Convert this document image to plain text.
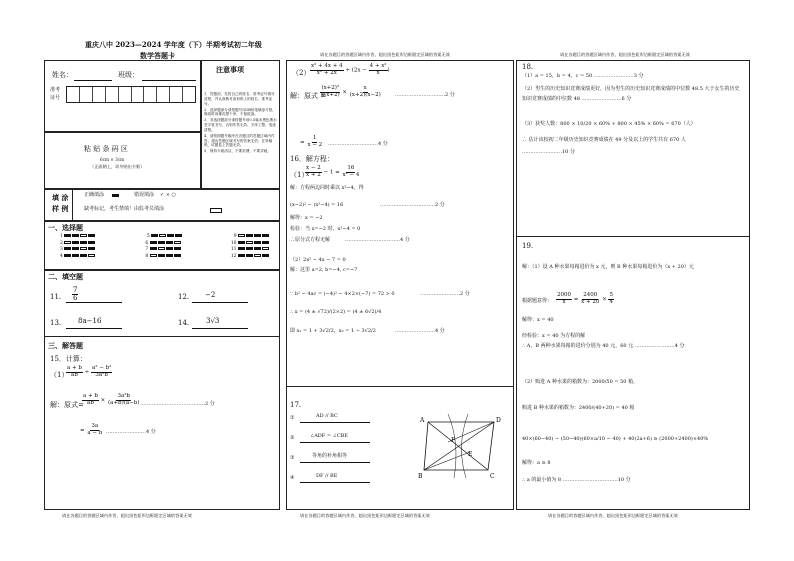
重庆八中 2023—2024 学年度（下）半期考试初二年级
数学答题卡	请在各题目的答题区域内作答，超出黑色矩形边框限定区域的答案无效	请在各题目的答题区域内作答，超出黑色矩形边框限定区域的答案无效
姓名：	班级：
准考
证号
注意事项
1．答题前，先将自己的姓名、准考证号填写清楚，并认真核对条形码上的姓名、准考证号。
2．选择题部分请按题号用2B铅笔填涂方框，修改时用橡皮擦干净，不留痕迹。
3．非选择题部分请按题号用0.5毫米黑色墨水签字笔书写，否则作答无效。字体工整，笔迹清楚。
4．请按照题号顺序在各题目的答题区域内作答，超出答题区域书写的答案无效；在草稿纸、试题卷上答题无效。
5．保持卡面清洁，不要折叠、不要弄破。
粘 贴 条 码 区
6cm × 3cm
（正面朝上，切勿贴出方框）
填 涂
样 例
正确填涂	错误填涂 ✓ × ○
缺考标记，考生禁填！由监考员填涂
一、选择题
1	5	9
2	6	10
3	7	11
4	8	12
二、填空题
11. $\frac{7}{6}$	12. −2
13. 8a−16	14. 3√3
三、解答题
15．计算：
（1）
$\frac{a + b}{ab} \div \frac{\text{a² − b²}}{\text{3a²b}}$
解：原式=
$\frac{a + b}{ab} \times \frac{\text{3a²b}}{(a+b)(a-b)}$ …………………………………2 分
= $\frac{3a}{a - b}$ ……………………4 分
请在各题目的答题区域内作答，超出黑色矩形边框限定区域的答案无效
$(2) \frac{\text{x² + 4x + 4}}{\text{x² + 2x}} \div (2x - \frac{\text{4 + x²}}{x}$ )
解：原式 =
$\frac{\text{(x+2)²}}{x(x+2)} \times \frac{x}{(x+2)(x-2)}$	…………………………2 分
= $\frac{1}{x - 2}$ …………………………4 分
16．解方程：
（1）
$\frac{x - 2}{x + 2} - 1 = \frac{16}{\text{x² − 4}}$
解：方程两边同时乘以 x²−4，得
(x−2)² − (x²−4) = 16	……………………………2 分
解得：x = −2
检验：当 x=−2 时，x²−4 = 0
∴原分式方程无解	……………………………4 分
（2）2x² − 4x − 7 = 0
解：这里 a=2, b=−4, c=−7
∵ b² − 4ac = (−4)² − 4×2×(−7) = 72 > 0	……………………2 分
∴ x = (4 ± √72)/(2×2) = (4 ± 6√2)/4
即 x₁ = 1 + 3√2/2，x₂ = 1 − 3√2/2	……………………4 分
17.
①	AD // BC
②	∠ADF = ∠CBE
③	等角的补角相等
④	DF // BE
A	D
F
E
B	C
请在各题目的答题区域内作答，超出黑色矩形边框限定区域的答案无效
18.
（1）a = 15，b = 4，c = 50 ……………………3 分
（2）男生的历史知识竞赛成绩更好，因为男生的历史知识竞赛成绩的中位数 48.5 大于女生的历史知识竞赛成绩的中位数 48 ……………………6 分
（3）获奖人数：800 × 10/20 × 60% + 800 × 45% × 60% = 670（人）
∴ 估计该校初二年级历史知识竞赛成绩在 49 分及以上的学生共有 670 人
……………………10 分
19.
解：（1）设 A 种水果每箱进价为 x 元，则 B 种水果每箱进价为（x + 20）元
根据题意得： $\frac{2000}{x} = \frac{2400}{x + 20} \times \frac{5}{4}$
解得：x = 40
经检验：x = 40 为方程的解
∴ A，B 两种水果每箱的进价分别为 40 元，60 元 ……………………4 分
（2）购进 A 种水果的箱数为：2000/50 = 50 箱，
购进 B 种水果的箱数为：2400/(40+20) = 40 箱
40×(60−40) − (50−40)(60×a/10 − 40) + 40(2a+6) ≥ (2000+2400)×40%
解得：a ≥ 8
∴ a 的最小值为 8 ……………………………10 分
请在各题目的答题区域内作答，超出黑色矩形边框限定区域的答案无效
